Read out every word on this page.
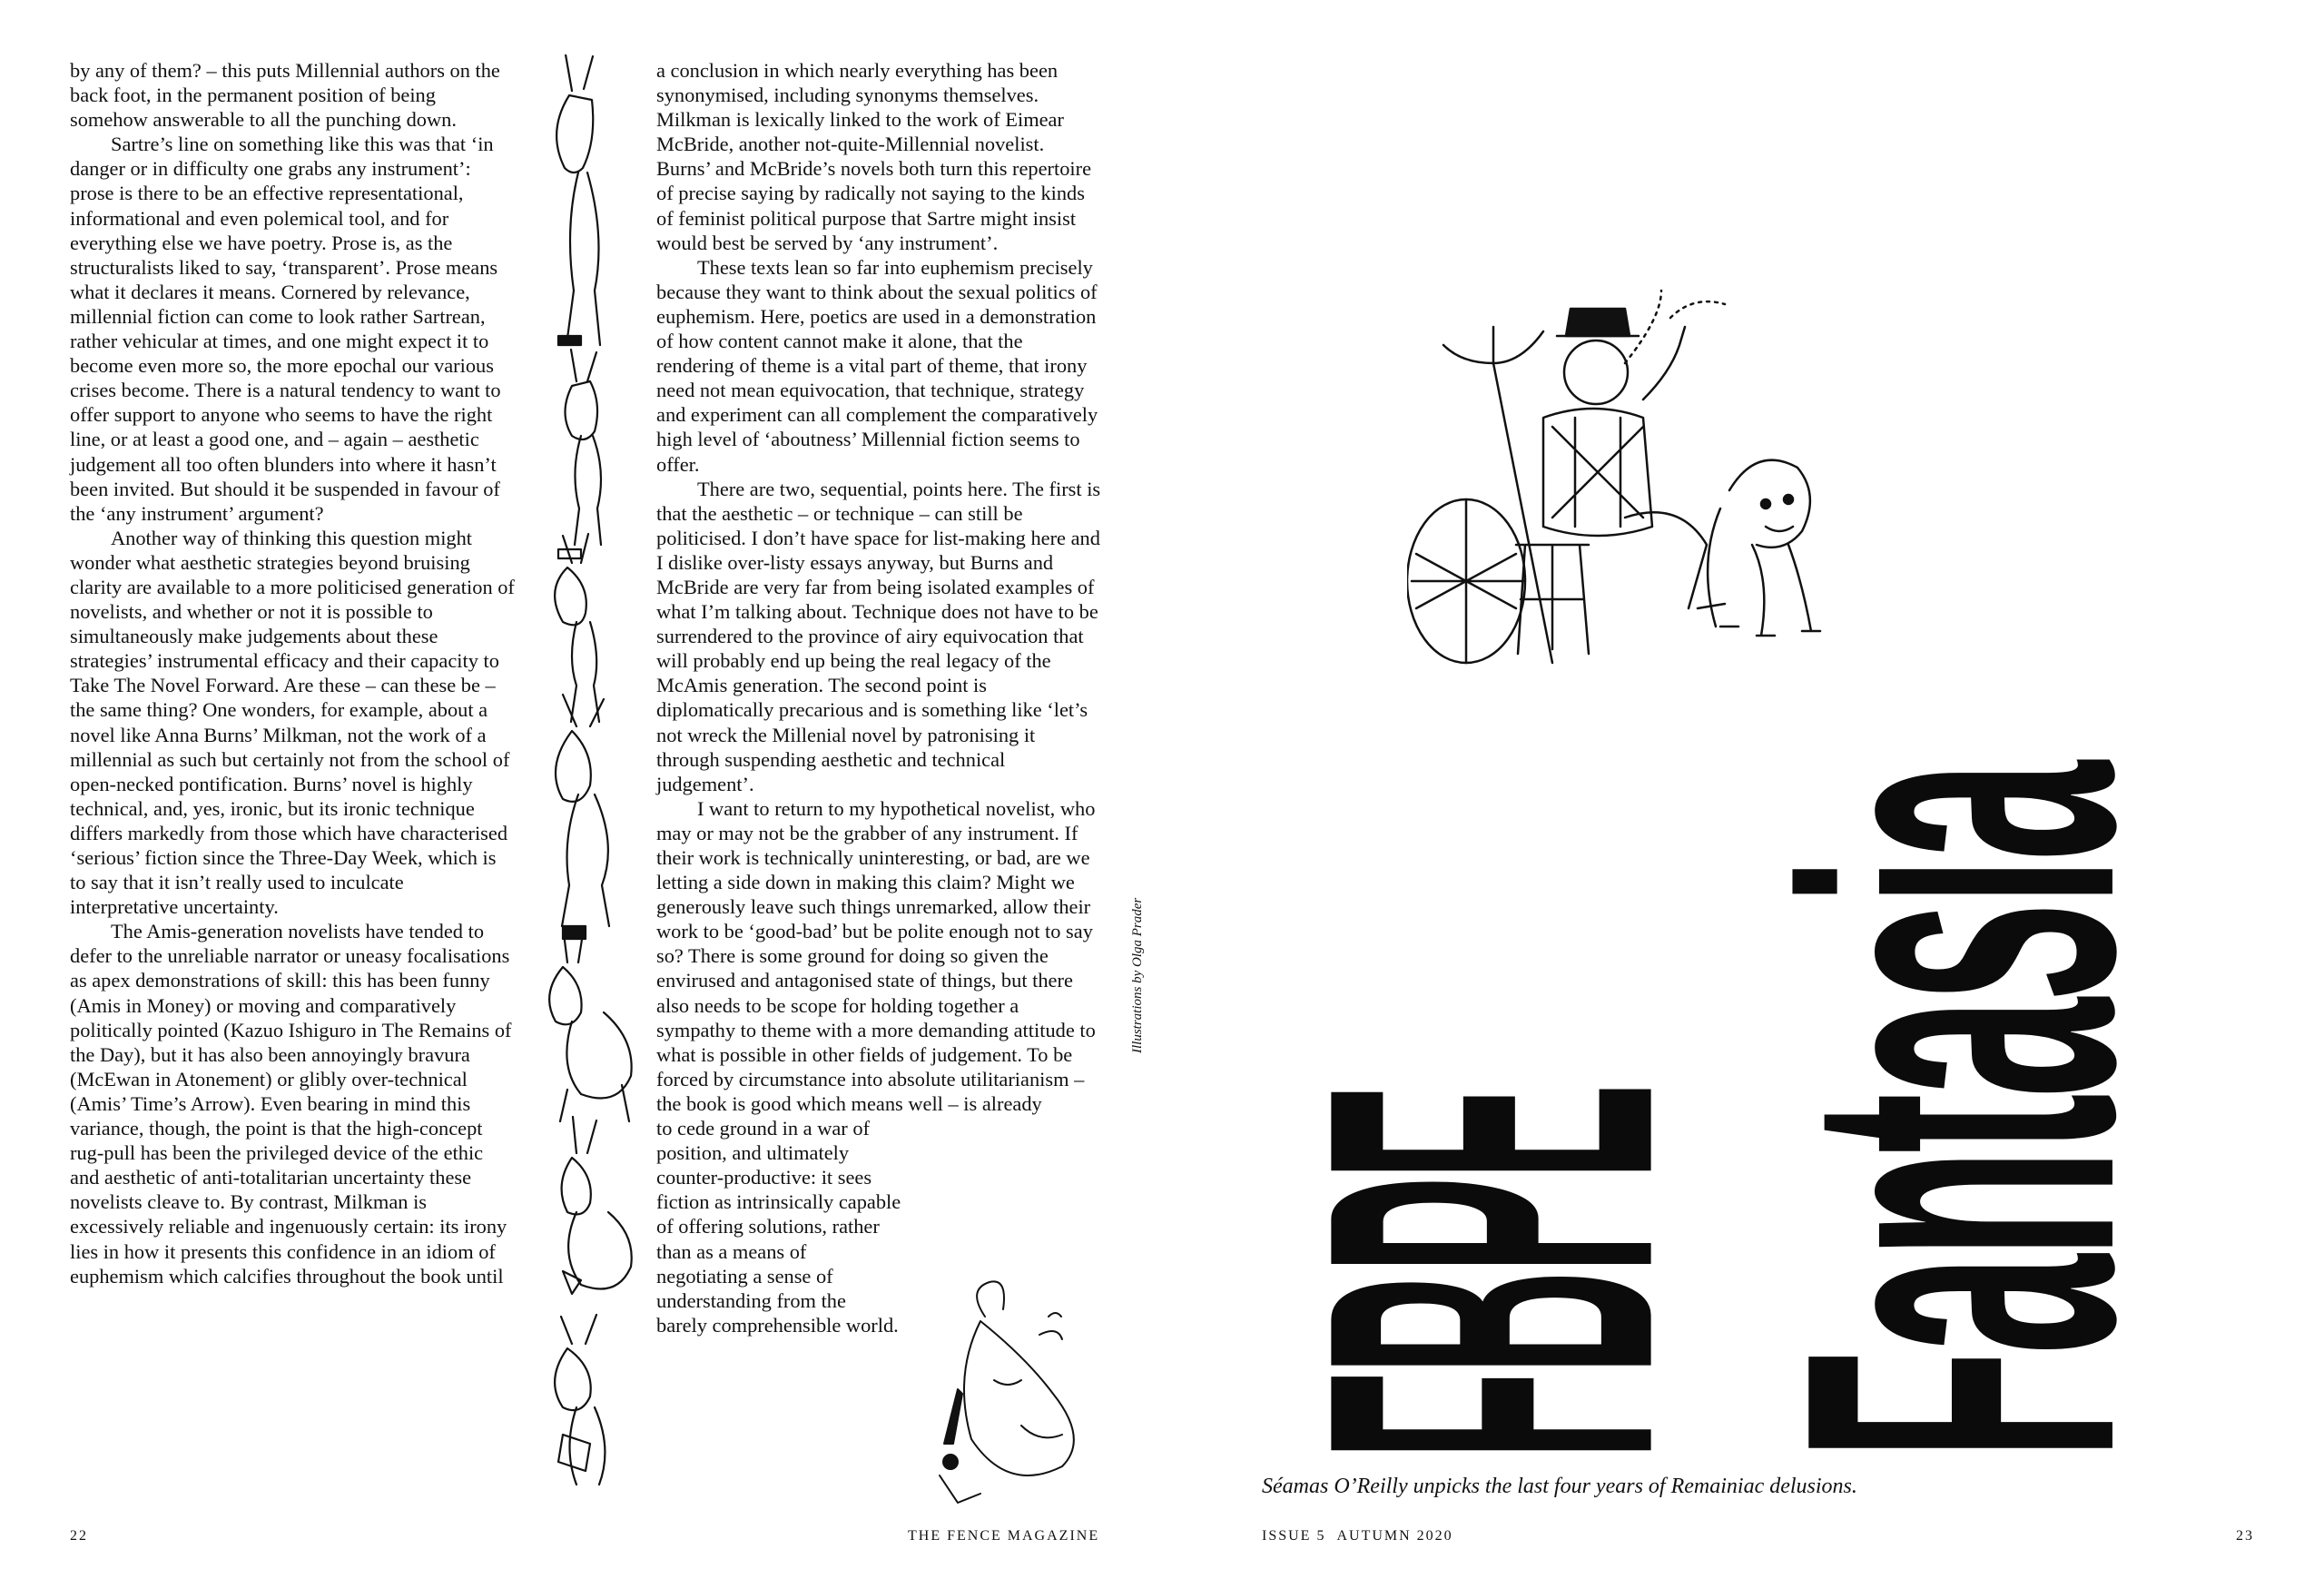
by any of them? – this puts Millennial authors on the back foot, in the permanent position of being somehow answerable to all the punching down.

Sartre’s line on something like this was that ‘in danger or in difficulty one grabs any instrument’: prose is there to be an effective representational, informational and even polemical tool, and for everything else we have poetry. Prose is, as the structuralists liked to say, ‘transparent’. Prose means what it declares it means. Cornered by relevance, millennial fiction can come to look rather Sartrean, rather vehicular at times, and one might expect it to become even more so, the more epochal our various crises become. There is a natural tendency to want to offer support to anyone who seems to have the right line, or at least a good one, and – again – aesthetic judgement all too often blunders into where it hasn’t been invited. But should it be suspended in favour of the ‘any instrument’ argument?

Another way of thinking this question might wonder what aesthetic strategies beyond bruising clarity are available to a more politicised generation of novelists, and whether or not it is possible to simultaneously make judgements about these strategies’ instrumental efficacy and their capacity to Take The Novel Forward. Are these – can these be – the same thing? One wonders, for example, about a novel like Anna Burns’ Milkman, not the work of a millennial as such but certainly not from the school of open-necked pontification. Burns’ novel is highly technical, and, yes, ironic, but its ironic technique differs markedly from those which have characterised ‘serious’ fiction since the Three-Day Week, which is to say that it isn’t really used to inculcate interpretative uncertainty.

The Amis-generation novelists have tended to defer to the unreliable narrator or uneasy focalisations as apex demonstrations of skill: this has been funny (Amis in Money) or moving and comparatively politically pointed (Kazuo Ishiguro in The Remains of the Day), but it has also been annoyingly bravura (McEwan in Atonement) or glibly over-technical (Amis’ Time’s Arrow). Even bearing in mind this variance, though, the point is that the high-concept rug-pull has been the privileged device of the ethic and aesthetic of anti-totalitarian uncertainty these novelists cleave to. By contrast, Milkman is excessively reliable and ingenuously certain: its irony lies in how it presents this confidence in an idiom of euphemism which calcifies throughout the book until

a conclusion in which nearly everything has been synonymised, including synonyms themselves. Milkman is lexically linked to the work of Eimear McBride, another not-quite-Millennial novelist. Burns’ and McBride’s novels both turn this repertoire of precise saying by radically not saying to the kinds of feminist political purpose that Sartre might insist would best be served by ‘any instrument’.

These texts lean so far into euphemism precisely because they want to think about the sexual politics of euphemism. Here, poetics are used in a demonstration of how content cannot make it alone, that the rendering of theme is a vital part of theme, that irony need not mean equivocation, that technique, strategy and experiment can all complement the comparatively high level of ‘aboutness’ Millennial fiction seems to offer.

There are two, sequential, points here. The first is that the aesthetic – or technique – can still be politicised. I don’t have space for list-making here and I dislike over-listy essays anyway, but Burns and McBride are very far from being isolated examples of what I’m talking about. Technique does not have to be surrendered to the province of airy equivocation that will probably end up being the real legacy of the McAmis generation. The second point is diplomatically precarious and is something like ‘let’s not wreck the Millenial novel by patronising it through suspending aesthetic and technical judgement’.

I want to return to my hypothetical novelist, who may or may not be the grabber of any instrument. If their work is technically uninteresting, or bad, are we letting a side down in making this claim? Might we generously leave such things unremarked, allow their work to be ‘good-bad’ but be polite enough not to say so? There is some ground for doing so given the envirused and antagonised state of things, but there also needs to be scope for holding together a sympathy to theme with a more demanding attitude to what is possible in other fields of judgement. To be forced by circumstance into absolute utilitarianism – the book is good which means well – is already

to cede ground in a war of position, and ultimately counter-productive: it sees fiction as intrinsically capable of offering solutions, rather than as a means of negotiating a sense of understanding from the barely comprehensible world.

Illustrations by Olga Prader
22	THE FENCE MAGAZINE	ISSUE 5 AUTUMN 2020	23
FBPE
Fantasia
Séamas O’Reilly unpicks the last four years of Remainiac delusions.
